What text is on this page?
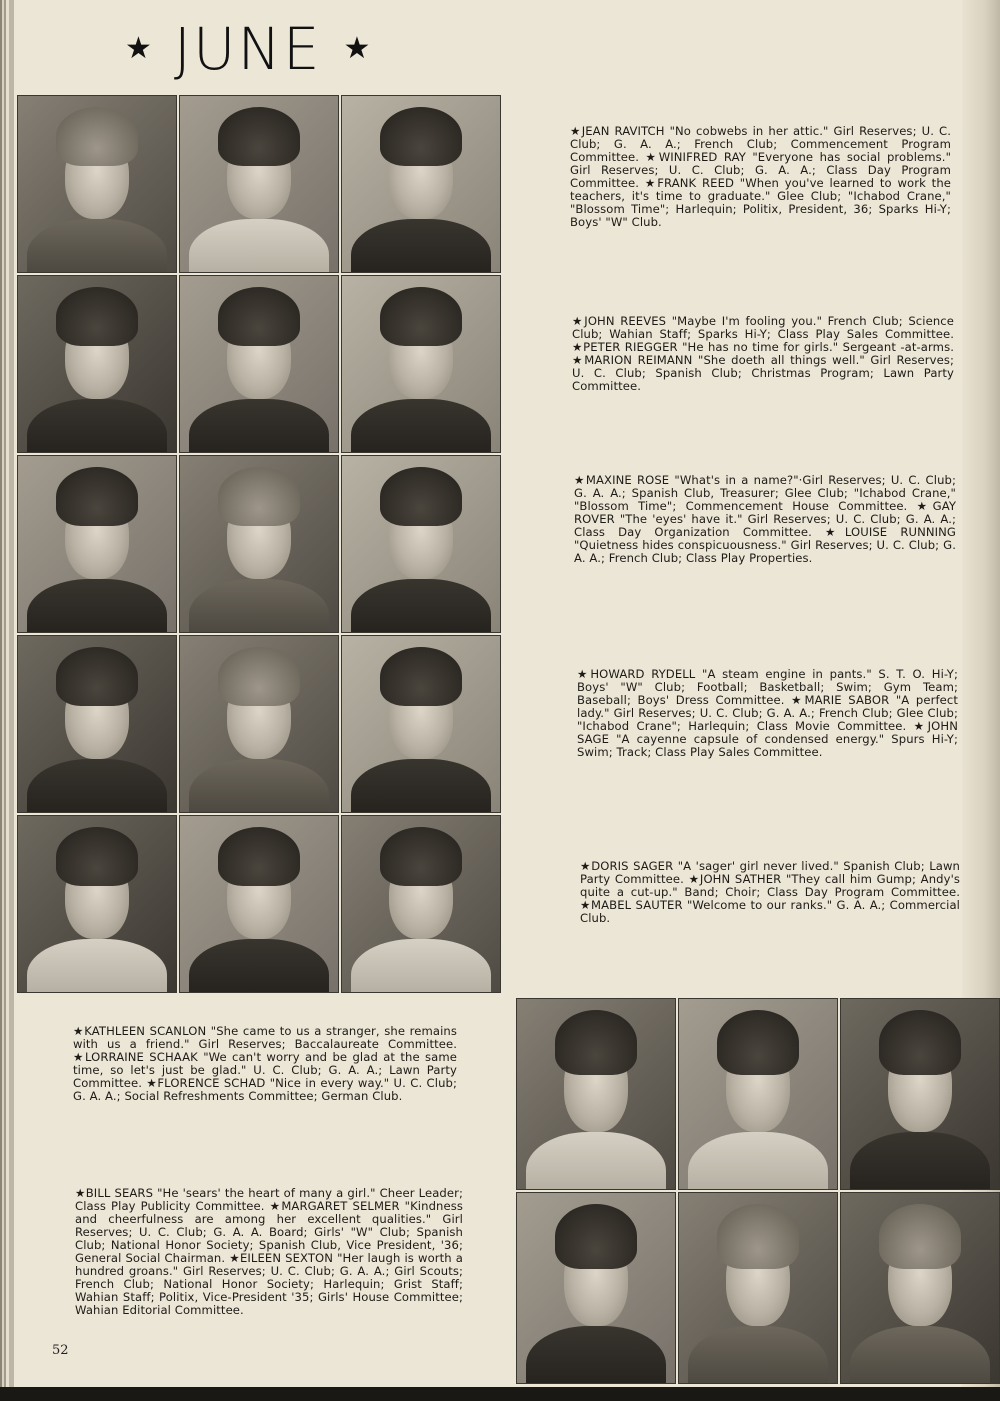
★ JUNE ★
★JEAN RAVITCH "No cobwebs in her attic." Girl Reserves; U. C. Club; G. A. A.; French Club; Commencement Program Committee. ★WINIFRED RAY "Everyone has social problems." Girl Reserves; U. C. Club; G. A. A.; Class Day Program Committee. ★FRANK REED "When you've learned to work the teachers, it's time to graduate." Glee Club; "Ichabod Crane," "Blossom Time"; Harlequin; Politix, President, 36; Sparks Hi-Y; Boys' "W" Club.
★JOHN REEVES "Maybe I'm fooling you." French Club; Science Club; Wahian Staff; Sparks Hi-Y; Class Play Sales Committee. ★PETER RIEGGER "He has no time for girls." Sergeant -at-arms. ★MARION REIMANN "She doeth all things well." Girl Reserves; U. C. Club; Spanish Club; Christmas Program; Lawn Party Committee.
★MAXINE ROSE "What's in a name?"·Girl Reserves; U. C. Club; G. A. A.; Spanish Club, Treasurer; Glee Club; "Ichabod Crane," "Blossom Time"; Commencement House Committee. ★GAY ROVER "The 'eyes' have it." Girl Reserves; U. C. Club; G. A. A.; Class Day Organization Committee. ★LOUISE RUNNING "Quietness hides conspicuousness." Girl Reserves; U. C. Club; G. A. A.; French Club; Class Play Properties.
★HOWARD RYDELL "A steam engine in pants." S. T. O. Hi-Y; Boys' "W" Club; Football; Basketball; Swim; Gym Team; Baseball; Boys' Dress Committee. ★MARIE SABOR "A perfect lady." Girl Reserves; U. C. Club; G. A. A.; French Club; Glee Club; "Ichabod Crane"; Harlequin; Class Movie Committee. ★JOHN SAGE "A cayenne capsule of condensed energy." Spurs Hi-Y; Swim; Track; Class Play Sales Committee.
★DORIS SAGER "A 'sager' girl never lived." Spanish Club; Lawn Party Committee. ★JOHN SATHER "They call him Gump; Andy's quite a cut-up." Band; Choir; Class Day Program Committee. ★MABEL SAUTER "Welcome to our ranks." G. A. A.; Commercial Club.
★KATHLEEN SCANLON "She came to us a stranger, she remains with us a friend." Girl Reserves; Baccalaureate Committee. ★LORRAINE SCHAAK "We can't worry and be glad at the same time, so let's just be glad." U. C. Club; G. A. A.; Lawn Party Committee. ★FLORENCE SCHAD "Nice in every way." U. C. Club; G. A. A.; Social Refreshments Committee; German Club.
★BILL SEARS "He 'sears' the heart of many a girl." Cheer Leader; Class Play Publicity Committee. ★MARGARET SELMER "Kindness and cheerfulness are among her excellent qualities." Girl Reserves; U. C. Club; G. A. A. Board; Girls' "W" Club; Spanish Club; National Honor Society; Spanish Club, Vice President, '36; General Social Chairman. ★EILEEN SEXTON "Her laugh is worth a hundred groans." Girl Reserves; U. C. Club; G. A. A.; Girl Scouts; French Club; National Honor Society; Harlequin; Grist Staff; Wahian Staff; Politix, Vice-President '35; Girls' House Committee; Wahian Editorial Committee.
52
